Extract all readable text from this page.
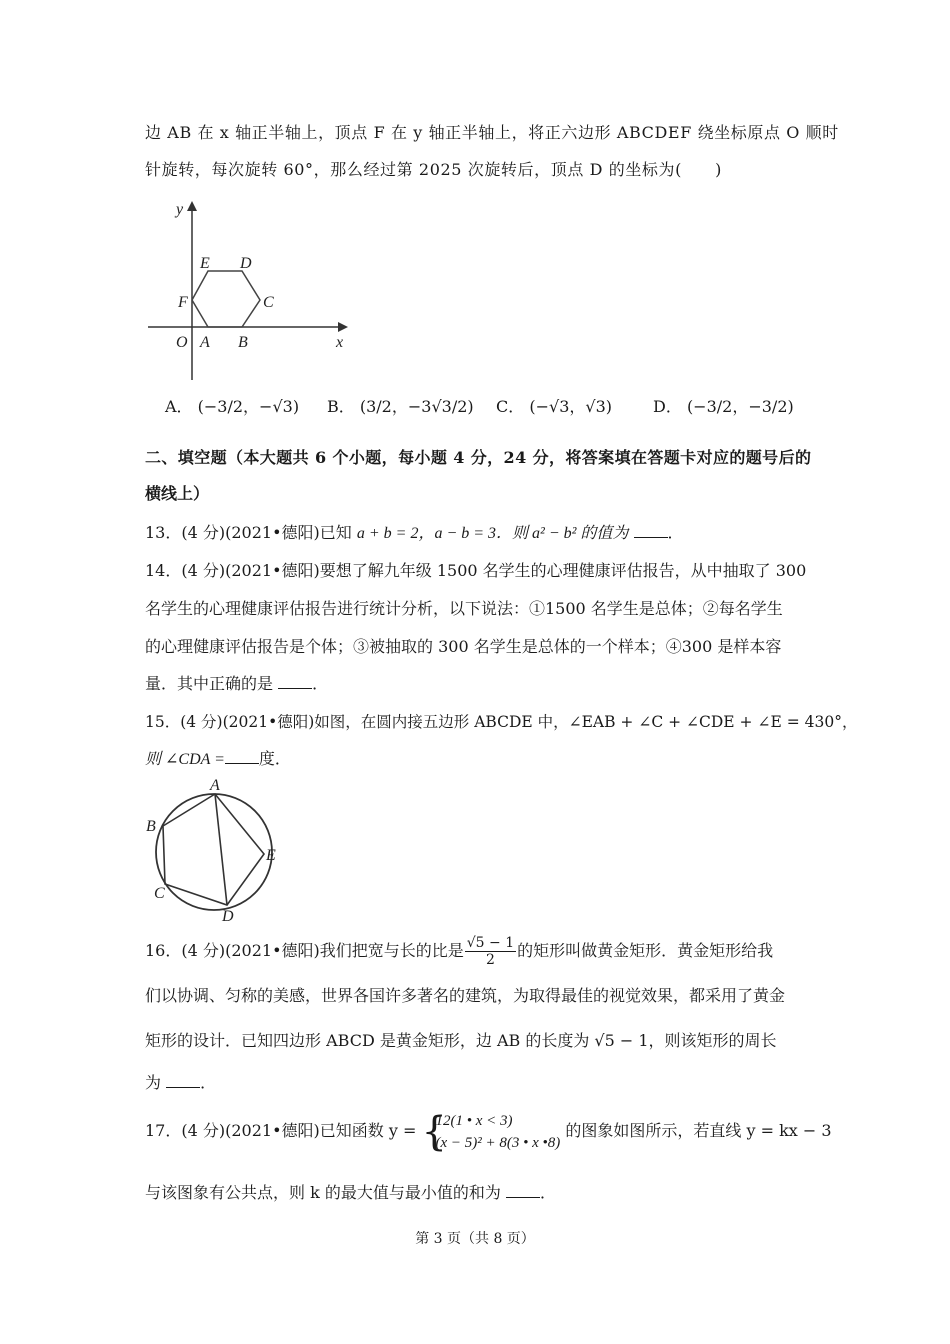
边 AB 在 x 轴正半轴上，顶点 F 在 y 轴正半轴上，将正六边形 ABCDEF 绕坐标原点 O 顺时
针旋转，每次旋转 60°，那么经过第 2025 次旋转后，顶点 D 的坐标为(　　)
y
x
O A B
C
D
E
F
A． (−3/2，−√3) B． (3/2，−3√3/2) C． (−√3，√3)	D． (−3/2，−3/2)
二、填空题（本大题共 6 个小题，每小题 4 分，24 分，将答案填在答题卡对应的题号后的
横线上）
13．(4 分)(2021•德阳)已知 a + b = 2，a − b = 3．则 a² − b² 的值为 ．
14．(4 分)(2021•德阳)要想了解九年级 1500 名学生的心理健康评估报告，从中抽取了 300
名学生的心理健康评估报告进行统计分析，以下说法：①1500 名学生是总体；②每名学生
的心理健康评估报告是个体；③被抽取的 300 名学生是总体的一个样本；④300 是样本容
量．其中正确的是 ．
15．(4 分)(2021•德阳)如图，在圆内接五边形 ABCDE 中，∠EAB + ∠C + ∠CDE + ∠E = 430°，
则 ∠CDA = 度．
A
B
C
D
E
16．(4 分)(2021•德阳)我们把宽与长的比是 $\frac{√5 - 1}{2}$ 的矩形叫做黄金矩形．黄金矩形给我
们以协调、匀称的美感，世界各国许多著名的建筑，为取得最佳的视觉效果，都采用了黄金
矩形的设计．已知四边形 ABCD 是黄金矩形，边 AB 的长度为 √5 − 1，则该矩形的周长
为 ．
17．(4 分)(2021•德阳)已知函数 y = {
12(1 • x < 3)
(x − 5)² + 8(3 • x •8)
的图象如图所示，若直线 y = kx − 3
与该图象有公共点，则 k 的最大值与最小值的和为 ．
第 3 页（共 8 页）
